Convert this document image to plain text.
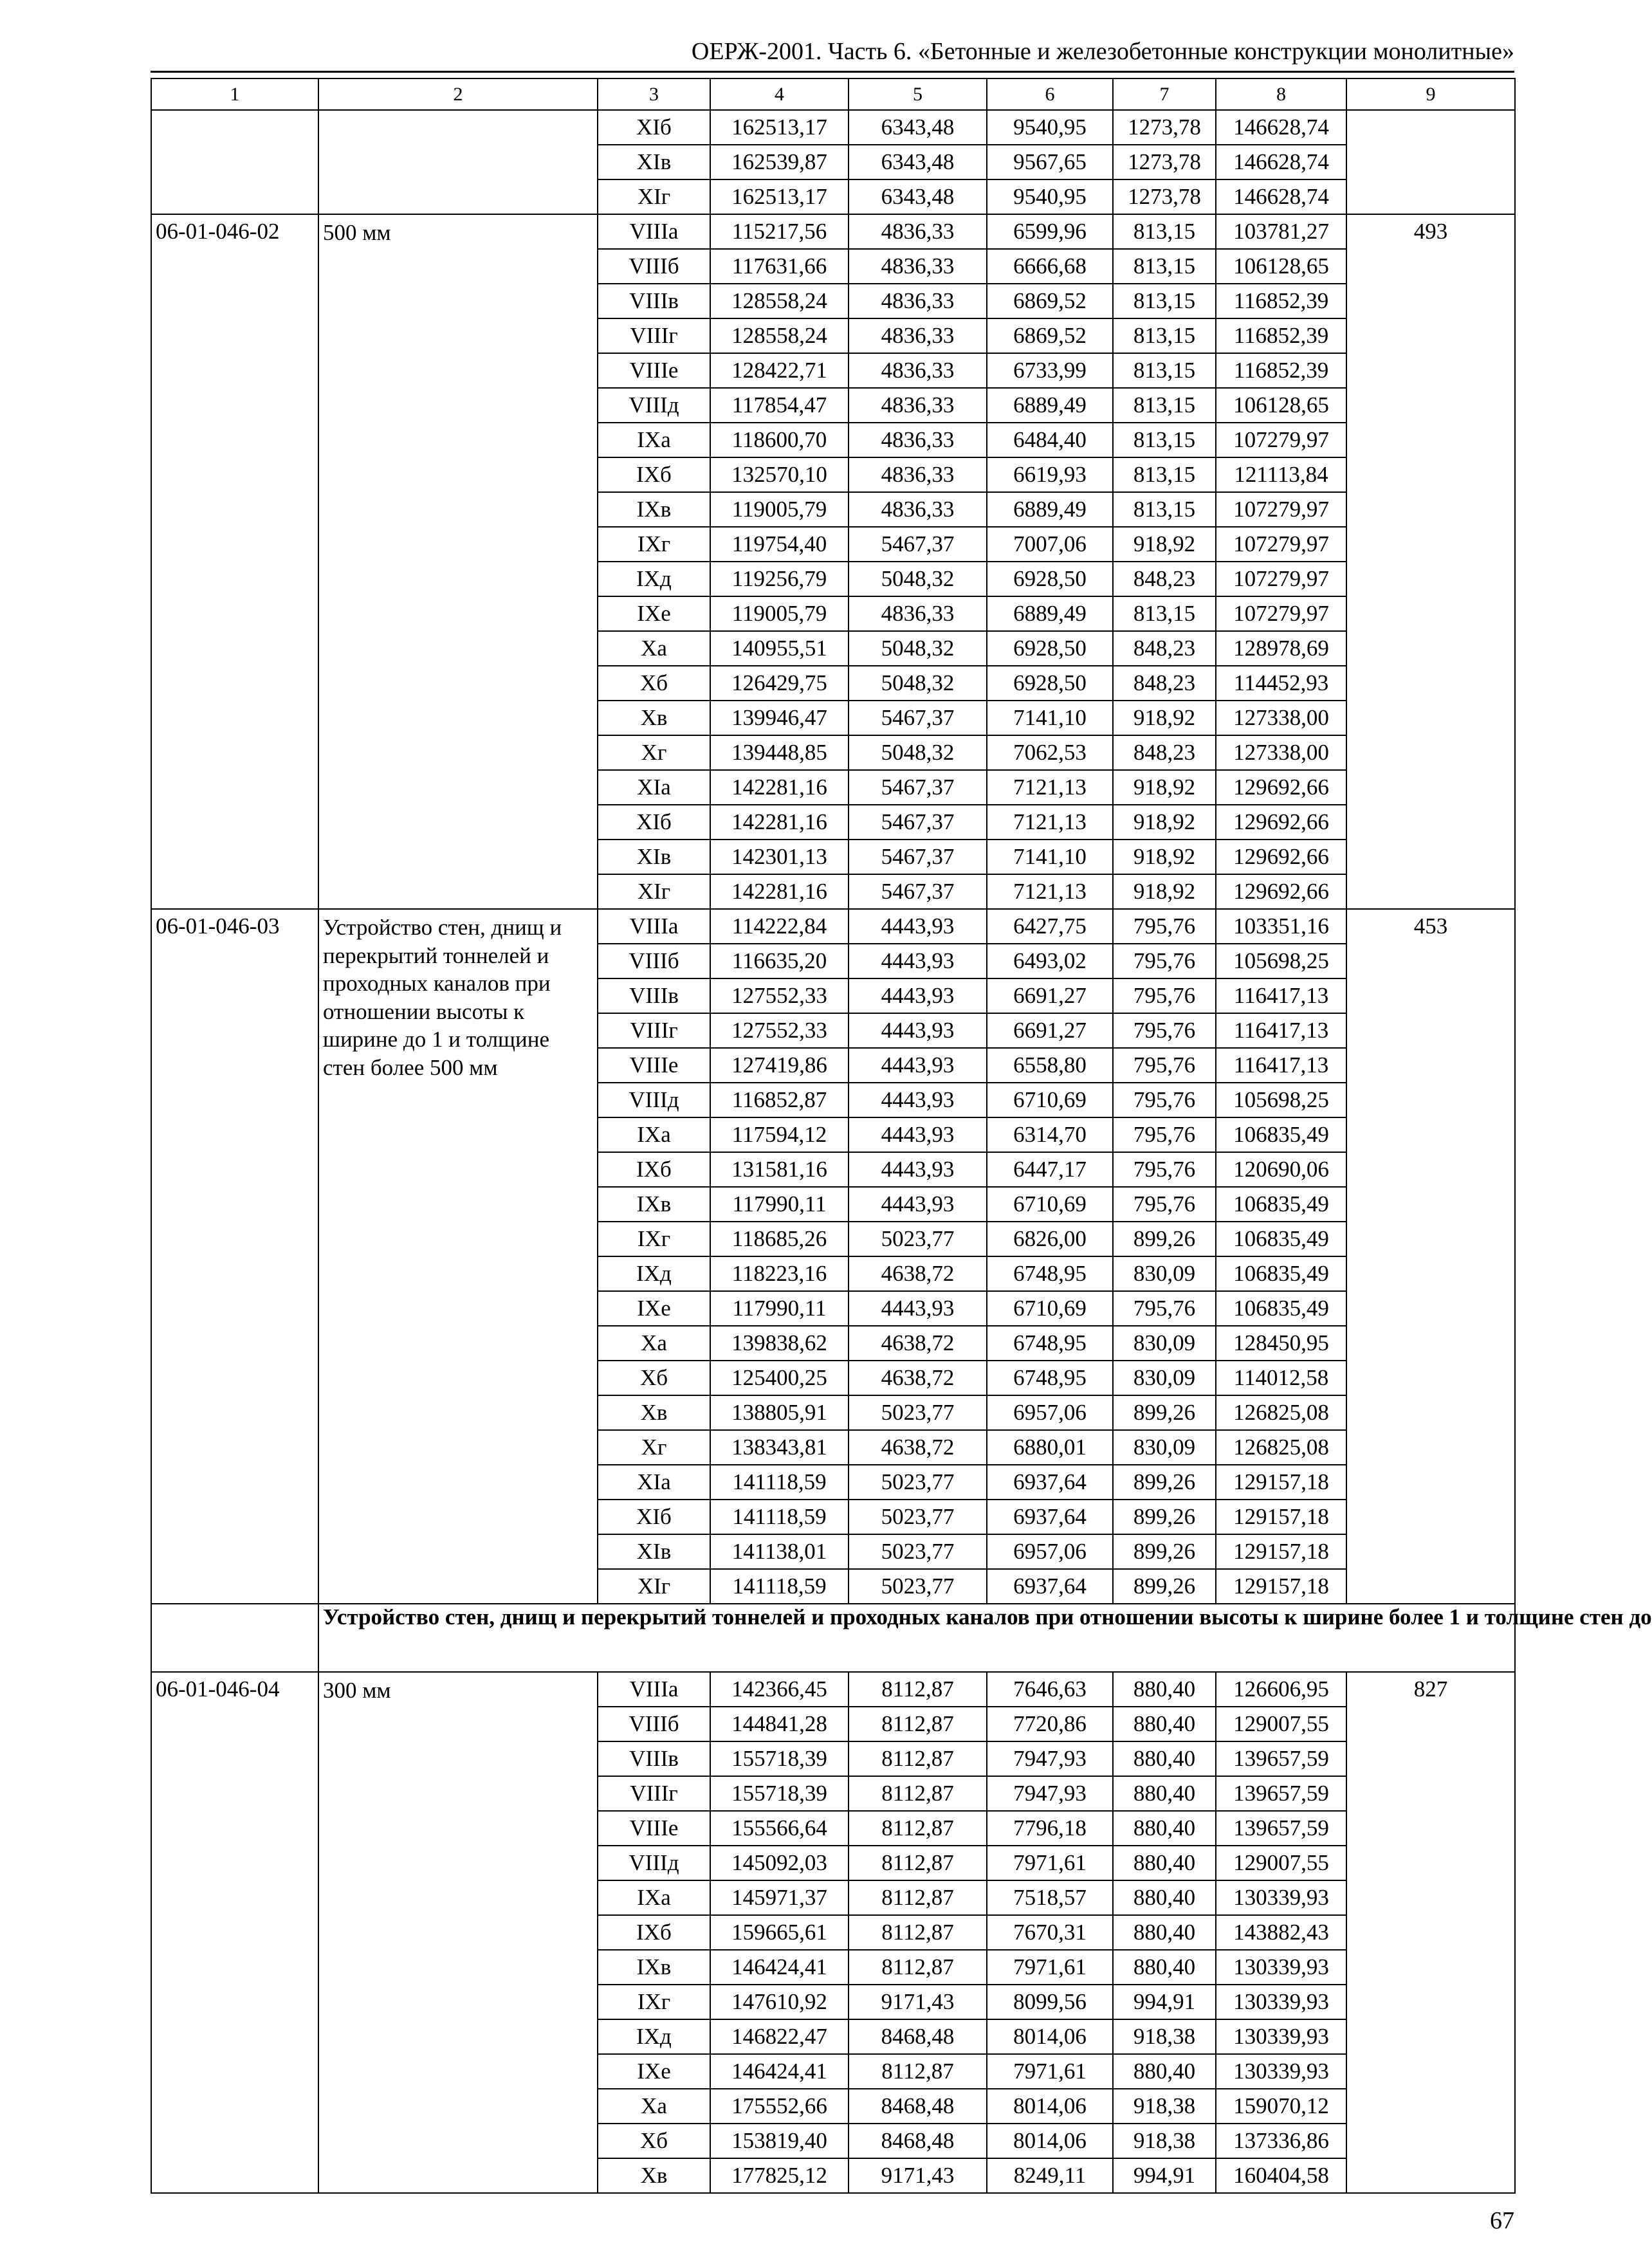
ОЕРЖ-2001. Часть 6. «Бетонные и железобетонные конструкции монолитные»
1	2	3	4	5	6	7	8	9
		XIб	162513,17	6343,48	9540,95	1273,78	146628,74	
		XIв	162539,87	6343,48	9567,65	1273,78	146628,74	
		XIг	162513,17	6343,48	9540,95	1273,78	146628,74	
06-01-046-02	500 мм	VIIIа	115217,56	4836,33	6599,96	813,15	103781,27	493
		VIIIб	117631,66	4836,33	6666,68	813,15	106128,65	
		VIIIв	128558,24	4836,33	6869,52	813,15	116852,39	
		VIIIг	128558,24	4836,33	6869,52	813,15	116852,39	
		VIIIе	128422,71	4836,33	6733,99	813,15	116852,39	
		VIIIд	117854,47	4836,33	6889,49	813,15	106128,65	
		IXа	118600,70	4836,33	6484,40	813,15	107279,97	
		IXб	132570,10	4836,33	6619,93	813,15	121113,84	
		IXв	119005,79	4836,33	6889,49	813,15	107279,97	
		IXг	119754,40	5467,37	7007,06	918,92	107279,97	
		IXд	119256,79	5048,32	6928,50	848,23	107279,97	
		IXе	119005,79	4836,33	6889,49	813,15	107279,97	
		Xа	140955,51	5048,32	6928,50	848,23	128978,69	
		Xб	126429,75	5048,32	6928,50	848,23	114452,93	
		Xв	139946,47	5467,37	7141,10	918,92	127338,00	
		Xг	139448,85	5048,32	7062,53	848,23	127338,00	
		XIа	142281,16	5467,37	7121,13	918,92	129692,66	
		XIб	142281,16	5467,37	7121,13	918,92	129692,66	
		XIв	142301,13	5467,37	7141,10	918,92	129692,66	
		XIг	142281,16	5467,37	7121,13	918,92	129692,66	
06-01-046-03	Устройство стен, днищ и перекрытий тоннелей и проходных каналов при отношении высоты к ширине до 1 и толщине стен более 500 мм	VIIIа	114222,84	4443,93	6427,75	795,76	103351,16	453
		VIIIб	116635,20	4443,93	6493,02	795,76	105698,25	
		VIIIв	127552,33	4443,93	6691,27	795,76	116417,13	
		VIIIг	127552,33	4443,93	6691,27	795,76	116417,13	
		VIIIе	127419,86	4443,93	6558,80	795,76	116417,13	
		VIIIд	116852,87	4443,93	6710,69	795,76	105698,25	
		IXа	117594,12	4443,93	6314,70	795,76	106835,49	
		IXб	131581,16	4443,93	6447,17	795,76	120690,06	
		IXв	117990,11	4443,93	6710,69	795,76	106835,49	
		IXг	118685,26	5023,77	6826,00	899,26	106835,49	
		IXд	118223,16	4638,72	6748,95	830,09	106835,49	
		IXе	117990,11	4443,93	6710,69	795,76	106835,49	
		Xа	139838,62	4638,72	6748,95	830,09	128450,95	
		Xб	125400,25	4638,72	6748,95	830,09	114012,58	
		Xв	138805,91	5023,77	6957,06	899,26	126825,08	
		Xг	138343,81	4638,72	6880,01	830,09	126825,08	
		XIа	141118,59	5023,77	6937,64	899,26	129157,18	
		XIб	141118,59	5023,77	6937,64	899,26	129157,18	
		XIв	141138,01	5023,77	6957,06	899,26	129157,18	
		XIг	141118,59	5023,77	6937,64	899,26	129157,18	
	Устройство стен, днищ и перекрытий тоннелей и проходных каналов при отношении высоты к ширине более 1 и толщине стен до							
06-01-046-04	300 мм	VIIIа	142366,45	8112,87	7646,63	880,40	126606,95	827
		VIIIб	144841,28	8112,87	7720,86	880,40	129007,55	
		VIIIв	155718,39	8112,87	7947,93	880,40	139657,59	
		VIIIг	155718,39	8112,87	7947,93	880,40	139657,59	
		VIIIе	155566,64	8112,87	7796,18	880,40	139657,59	
		VIIIд	145092,03	8112,87	7971,61	880,40	129007,55	
		IXа	145971,37	8112,87	7518,57	880,40	130339,93	
		IXб	159665,61	8112,87	7670,31	880,40	143882,43	
		IXв	146424,41	8112,87	7971,61	880,40	130339,93	
		IXг	147610,92	9171,43	8099,56	994,91	130339,93	
		IXд	146822,47	8468,48	8014,06	918,38	130339,93	
		IXе	146424,41	8112,87	7971,61	880,40	130339,93	
		Xа	175552,66	8468,48	8014,06	918,38	159070,12	
		Xб	153819,40	8468,48	8014,06	918,38	137336,86	
		Xв	177825,12	9171,43	8249,11	994,91	160404,58	
67
